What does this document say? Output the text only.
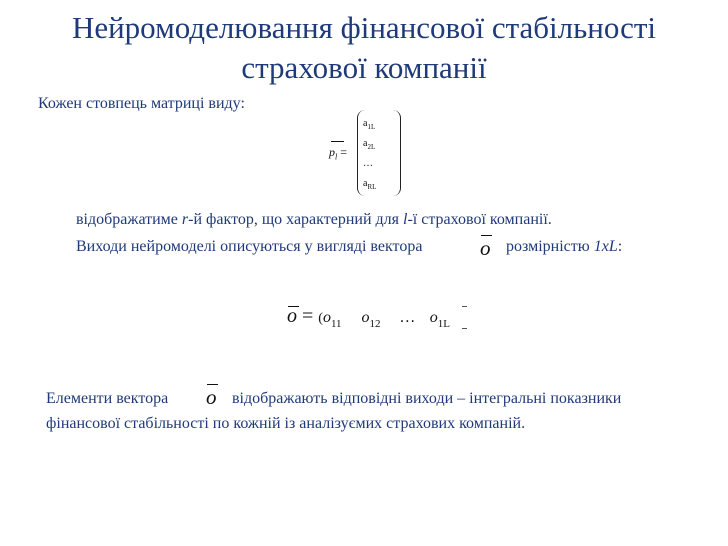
Нейромоделювання фінансової стабільності
страхової компанії
Кожен стовпець матриці виду:
$p_l$ =
$a_{1L}$
$a_{2L}$
…
$a_{RL}$
відображатиме r-й фактор, що характерний для l-ї страхової компанії.
Виходи нейромоделі описуються у вигляді вектора	o розмірністю 1xL:
$o = (o_{11}$ $o_{12}$ … $o_{1L}$
Елементи вектора o відображають відповідні виходи – інтегральні показники
фінансової стабільності по кожній із аналізуємих страхових компаній.
